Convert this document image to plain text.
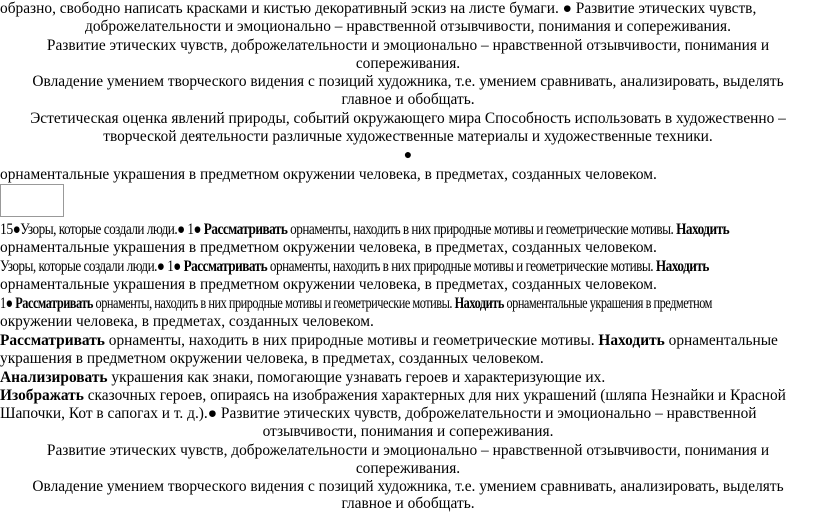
образно, свободно написать красками и кистью декоративный эскиз на листе бумаги. ● Развитие этических чувств,
доброжелательности и эмоционально – нравственной отзывчивости, понимания и сопереживания.
Развитие этических чувств, доброжелательности и эмоционально – нравственной отзывчивости, понимания и
сопереживания.
Овладение умением творческого видения с позиций художника, т.е. умением сравнивать, анализировать, выделять
главное и обобщать.
Эстетическая оценка явлений природы, событий окружающего мира Способность использовать в художественно –
творческой деятельности различные художественные материалы и художественные техники.
●
орнаментальные украшения в предметном окружении человека, в предметах, созданных человеком.
15●Узоры, которые создали люди.● 1● Рассматривать орнаменты, находить в них природные мотивы и геометрические мотивы. Находить
орнаментальные украшения в предметном окружении человека, в предметах, созданных человеком.
Узоры, которые создали люди.● 1● Рассматривать орнаменты, находить в них природные мотивы и геометрические мотивы. Находить
орнаментальные украшения в предметном окружении человека, в предметах, созданных человеком.
1● Рассматривать орнаменты, находить в них природные мотивы и геометрические мотивы. Находить орнаментальные украшения в предметном
окружении человека, в предметах, созданных человеком.
Рассматривать орнаменты, находить в них природные мотивы и геометрические мотивы. Находить орнаментальные
украшения в предметном окружении человека, в предметах, созданных человеком.
Анализировать украшения как знаки, помогающие узнавать героев и характеризующие их.
Изображать сказочных героев, опираясь на изображения характерных для них украшений (шляпа Незнайки и Красной
Шапочки, Кот в сапогах и т. д.).● Развитие этических чувств, доброжелательности и эмоционально – нравственной
отзывчивости, понимания и сопереживания.
Развитие этических чувств, доброжелательности и эмоционально – нравственной отзывчивости, понимания и
сопереживания.
Овладение умением творческого видения с позиций художника, т.е. умением сравнивать, анализировать, выделять
главное и обобщать.
